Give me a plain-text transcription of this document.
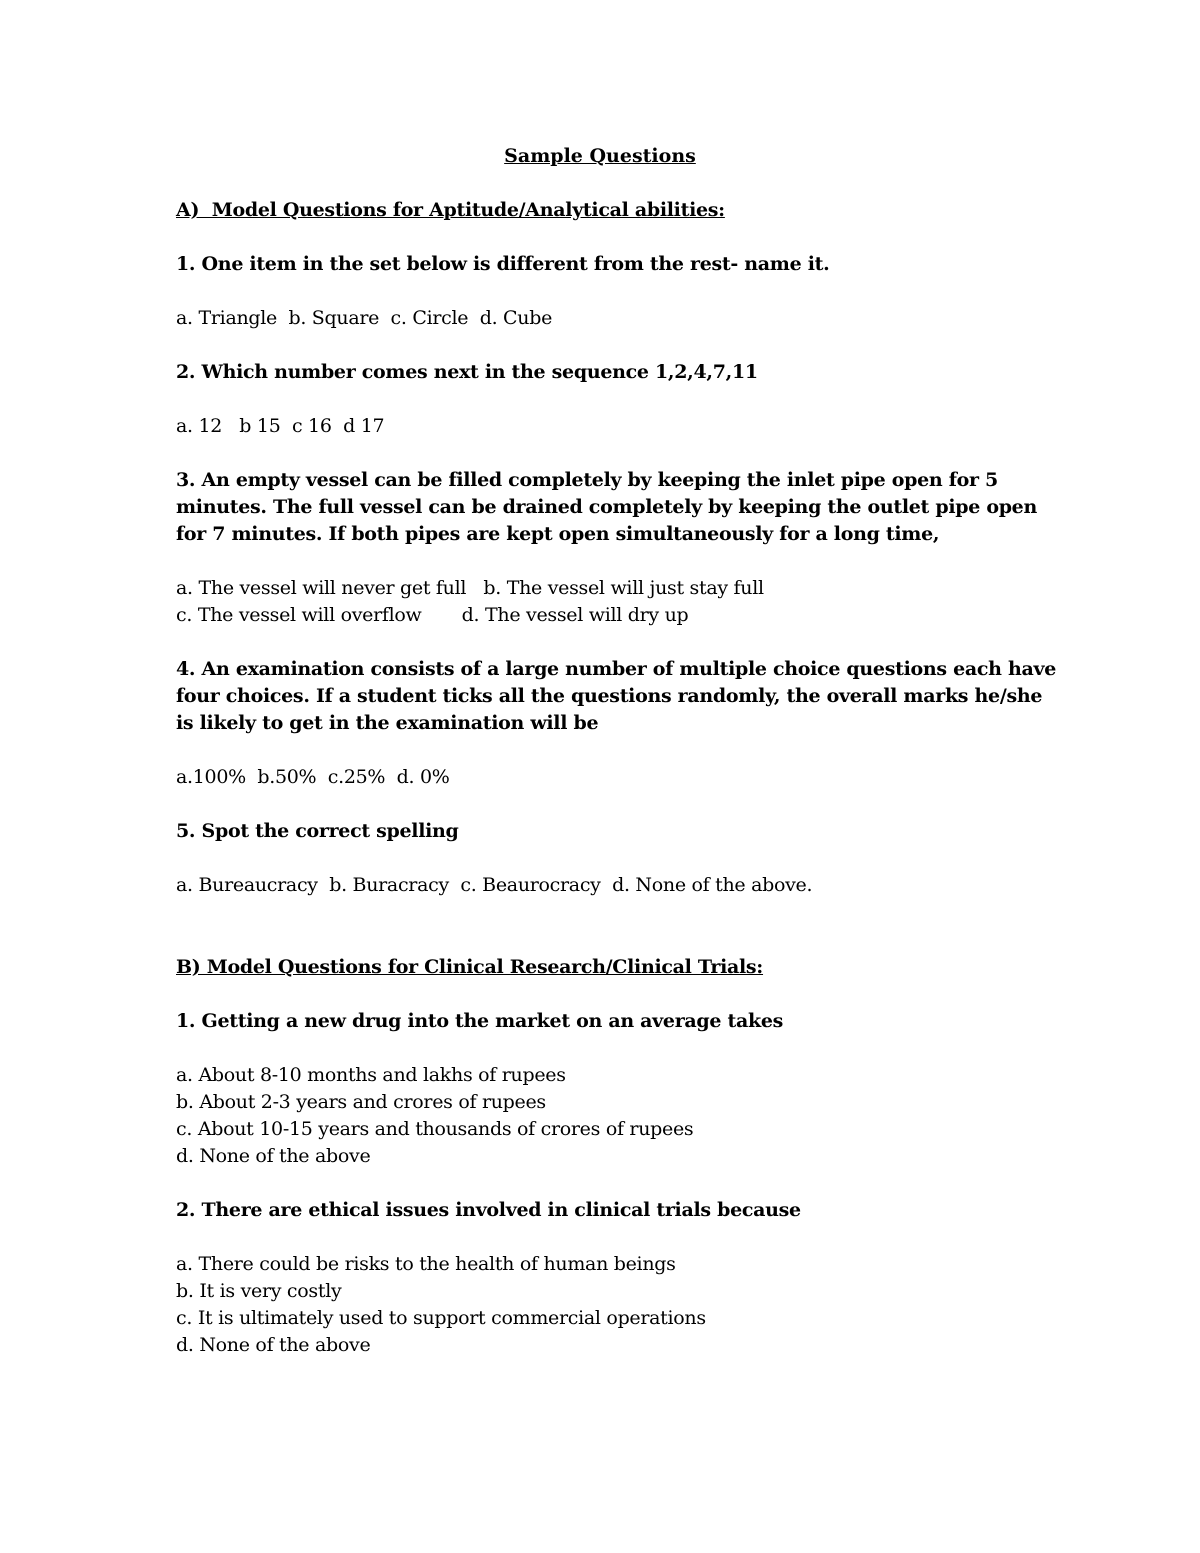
Sample Questions
A)  Model Questions for Aptitude/Analytical abilities:
1. One item in the set below is different from the rest- name it.
a. Triangle  b. Square  c. Circle  d. Cube
2. Which number comes next in the sequence 1,2,4,7,11
a. 12   b 15  c 16  d 17
3. An empty vessel can be filled completely by keeping the inlet pipe open for 5
minutes. The full vessel can be drained completely by keeping the outlet pipe open
for 7 minutes. If both pipes are kept open simultaneously for a long time,
a. The vessel will never get full   b. The vessel will just stay full
c. The vessel will overflow       d. The vessel will dry up
4. An examination consists of a large number of multiple choice questions each have
four choices. If a student ticks all the questions randomly, the overall marks he/she
is likely to get in the examination will be
a.100%  b.50%  c.25%  d. 0%
5. Spot the correct spelling
a. Bureaucracy  b. Buracracy  c. Beaurocracy  d. None of the above.
B) Model Questions for Clinical Research/Clinical Trials:
1. Getting a new drug into the market on an average takes
a. About 8-10 months and lakhs of rupees
b. About 2-3 years and crores of rupees
c. About 10-15 years and thousands of crores of rupees
d. None of the above
2. There are ethical issues involved in clinical trials because
a. There could be risks to the health of human beings
b. It is very costly
c. It is ultimately used to support commercial operations
d. None of the above
